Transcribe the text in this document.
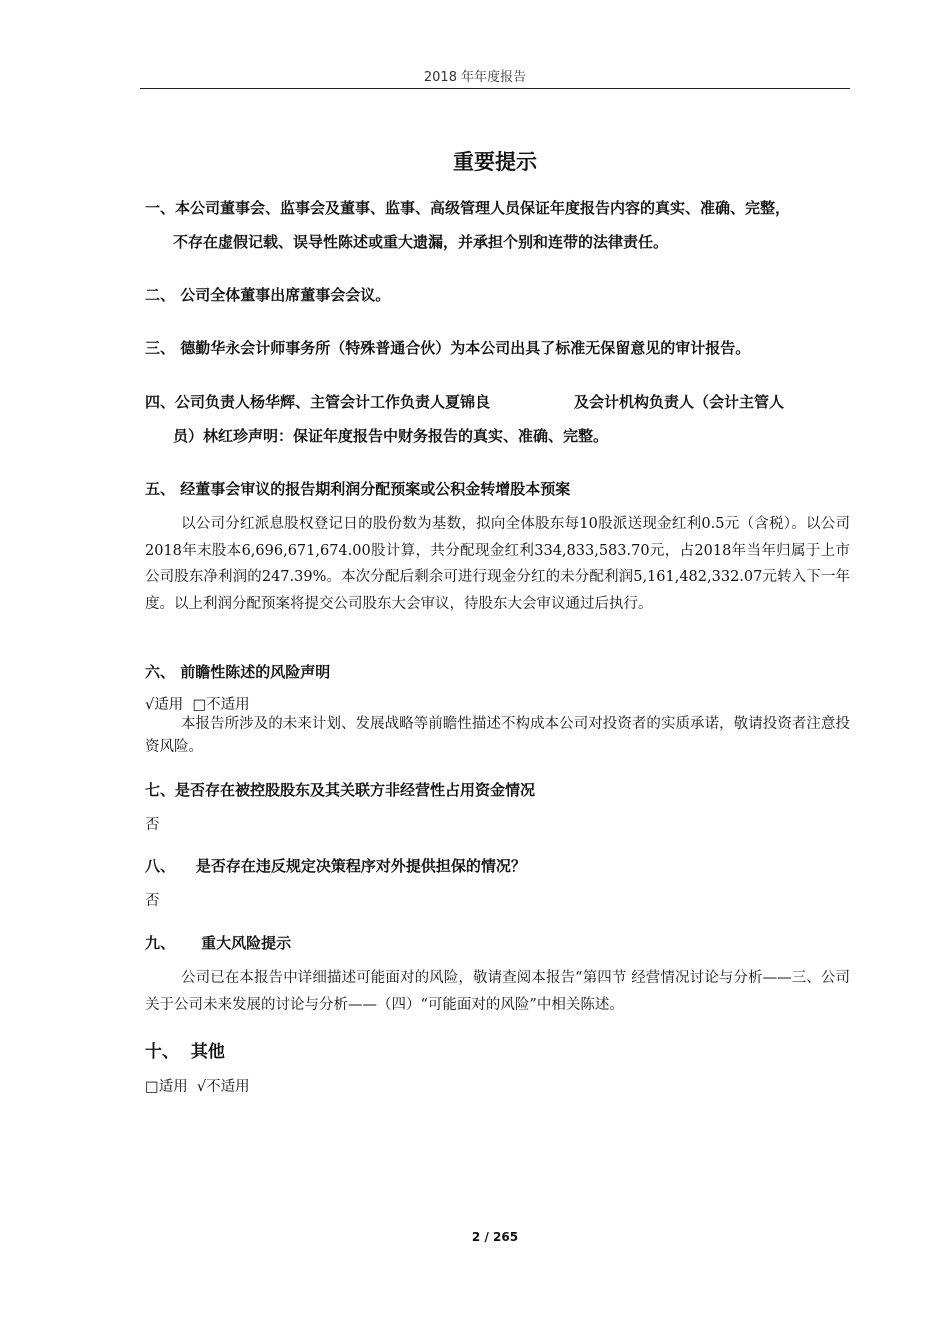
2018 年年度报告
重要提示
一、本公司董事会、监事会及董事、监事、高级管理人员保证年度报告内容的真实、准确、完整，
不存在虚假记载、误导性陈述或重大遗漏，并承担个别和连带的法律责任。
二、 公司全体董事出席董事会会议。
三、 德勤华永会计师事务所（特殊普通合伙）为本公司出具了标准无保留意见的审计报告。
四、公司负责人杨华辉、主管会计工作负责人夏锦良	及会计机构负责人（会计主管人
员）林红珍声明：保证年度报告中财务报告的真实、准确、完整。
五、 经董事会审议的报告期利润分配预案或公积金转增股本预案
以公司分红派息股权登记日的股份数为基数，拟向全体股东每10股派送现金红利0.5元（含税）。以公司2018年末股本6,696,671,674.00股计算，共分配现金红利334,833,583.70元，占2018年当年归属于上市公司股东净利润的247.39%。本次分配后剩余可进行现金分红的未分配利润5,161,482,332.07元转入下一年度。以上利润分配预案将提交公司股东大会审议，待股东大会审议通过后执行。
六、 前瞻性陈述的风险声明
√适用  □不适用
本报告所涉及的未来计划、发展战略等前瞻性描述不构成本公司对投资者的实质承诺，敬请投资者注意投资风险。
七、是否存在被控股股东及其关联方非经营性占用资金情况
否
八、    是否存在违反规定决策程序对外提供担保的情况？
否
九、     重大风险提示
公司已在本报告中详细描述可能面对的风险，敬请查阅本报告“第四节 经营情况讨论与分析——三、公司关于公司未来发展的讨论与分析——（四）“可能面对的风险”中相关陈述。
十、  其他
□适用  √不适用
2 / 265
